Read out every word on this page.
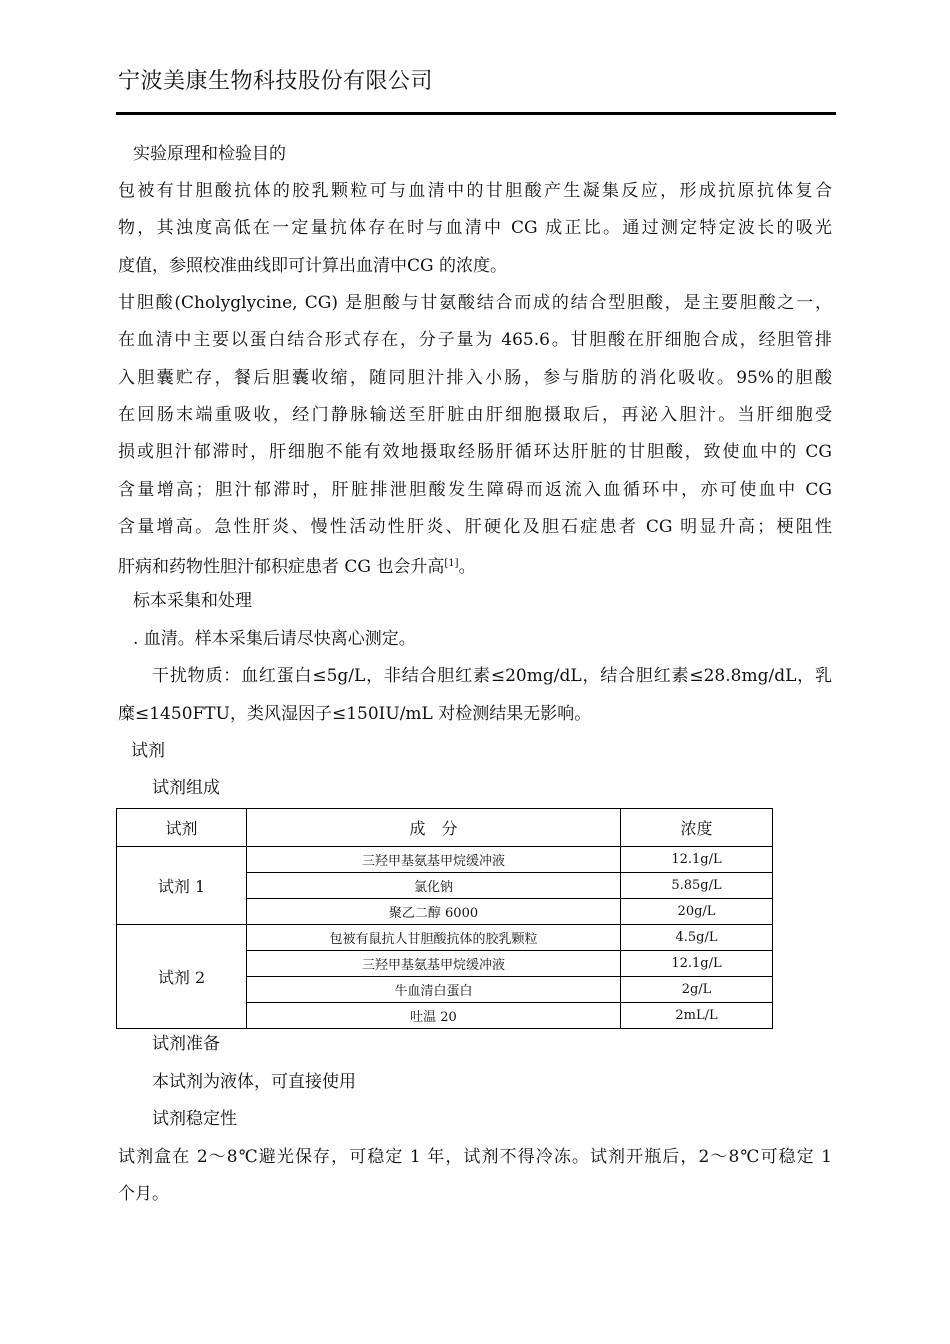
宁波美康生物科技股份有限公司
实验原理和检验目的
包被有甘胆酸抗体的胶乳颗粒可与血清中的甘胆酸产生凝集反应，形成抗原抗体复合
物，其浊度高低在一定量抗体存在时与血清中 CG 成正比。通过测定特定波长的吸光
度值，参照校准曲线即可计算出血清中CG 的浓度。
甘胆酸(Cholyglycine, CG) 是胆酸与甘氨酸结合而成的结合型胆酸，是主要胆酸之一，
在血清中主要以蛋白结合形式存在，分子量为 465.6。甘胆酸在肝细胞合成，经胆管排
入胆囊贮存，餐后胆囊收缩，随同胆汁排入小肠，参与脂肪的消化吸收。95%的胆酸
在回肠末端重吸收，经门静脉输送至肝脏由肝细胞摄取后，再泌入胆汁。当肝细胞受
损或胆汁郁滞时，肝细胞不能有效地摄取经肠肝循环达肝脏的甘胆酸，致使血中的 CG
含量增高；胆汁郁滞时，肝脏排泄胆酸发生障碍而返流入血循环中，亦可使血中 CG
含量增高。急性肝炎、慢性活动性肝炎、肝硬化及胆石症患者 CG 明显升高；梗阻性
肝病和药物性胆汁郁积症患者 CG 也会升高[1]。
标本采集和处理
. 血清。样本采集后请尽快离心测定。
干扰物质：血红蛋白≤5g/L，非结合胆红素≤20mg/dL，结合胆红素≤28.8mg/dL，乳
糜≤1450FTU，类风湿因子≤150IU/mL 对检测结果无影响。
试剂
试剂组成
试剂	成　分	浓度
试剂 1	三羟甲基氨基甲烷缓冲液	12.1g/L
	氯化钠	5.85g/L
	聚乙二醇 6000	20g/L
试剂 2	包被有鼠抗人甘胆酸抗体的胶乳颗粒	4.5g/L
	三羟甲基氨基甲烷缓冲液	12.1g/L
	牛血清白蛋白	2g/L
	吐温 20	2mL/L
试剂准备
本试剂为液体，可直接使用
试剂稳定性
试剂盒在 2～8℃避光保存，可稳定 1 年，试剂不得冷冻。试剂开瓶后，2～8℃可稳定 1
个月。
